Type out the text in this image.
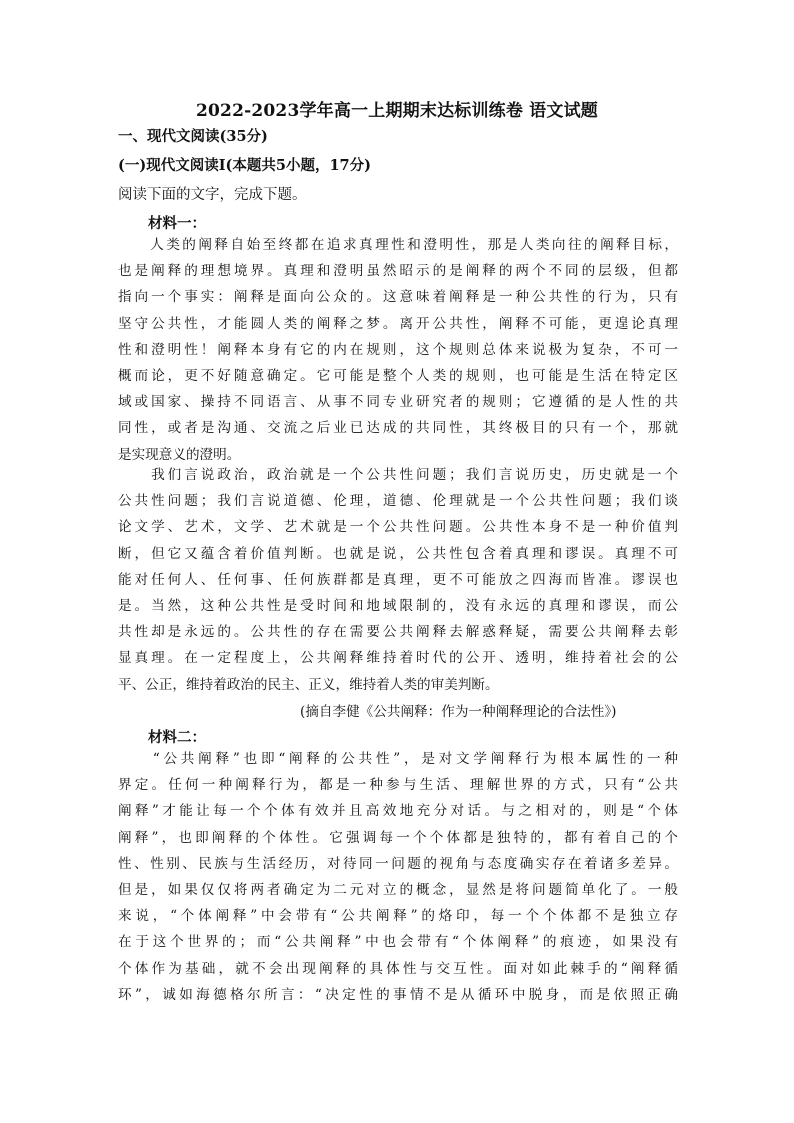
2022-2023学年高一上期期末达标训练卷 语文试题
一、现代文阅读(35分)
(一)现代文阅读Ⅰ(本题共5小题，17分)
阅读下面的文字，完成下题。
材料一：
　　人类的阐释自始至终都在追求真理性和澄明性，那是人类向往的阐释目标，
也是阐释的理想境界。真理和澄明虽然昭示的是阐释的两个不同的层级，但都
指向一个事实：阐释是面向公众的。这意味着阐释是一种公共性的行为，只有
坚守公共性，才能圆人类的阐释之梦。离开公共性，阐释不可能，更遑论真理
性和澄明性！阐释本身有它的内在规则，这个规则总体来说极为复杂，不可一
概而论，更不好随意确定。它可能是整个人类的规则，也可能是生活在特定区
域或国家、操持不同语言、从事不同专业研究者的规则；它遵循的是人性的共
同性，或者是沟通、交流之后业已达成的共同性，其终极目的只有一个，那就
是实现意义的澄明。
　　我们言说政治，政治就是一个公共性问题；我们言说历史，历史就是一个
公共性问题；我们言说道德、伦理，道德、伦理就是一个公共性问题；我们谈
论文学、艺术，文学、艺术就是一个公共性问题。公共性本身不是一种价值判
断，但它又蕴含着价值判断。也就是说，公共性包含着真理和谬误。真理不可
能对任何人、任何事、任何族群都是真理，更不可能放之四海而皆准。谬误也
是。当然，这种公共性是受时间和地域限制的，没有永远的真理和谬误，而公
共性却是永远的。公共性的存在需要公共阐释去解惑释疑，需要公共阐释去彰
显真理。在一定程度上，公共阐释维持着时代的公开、透明，维持着社会的公
平、公正，维持着政治的民主、正义，维持着人类的审美判断。
(摘自李健《公共阐释：作为一种阐释理论的合法性》)
材料二：
　　“公共阐释”也即“阐释的公共性”，是对文学阐释行为根本属性的一种
界定。任何一种阐释行为，都是一种参与生活、理解世界的方式，只有“公共
阐释”才能让每一个个体有效并且高效地充分对话。与之相对的，则是“个体
阐释”，也即阐释的个体性。它强调每一个个体都是独特的，都有着自己的个
性、性别、民族与生活经历，对待同一问题的视角与态度确实存在着诸多差异。
但是，如果仅仅将两者确定为二元对立的概念，显然是将问题简单化了。一般
来说，“个体阐释”中会带有“公共阐释”的烙印，每一个个体都不是独立存
在于这个世界的；而“公共阐释”中也会带有“个体阐释”的痕迹，如果没有
个体作为基础，就不会出现阐释的具体性与交互性。面对如此棘手的“阐释循
环”，诚如海德格尔所言：“决定性的事情不是从循环中脱身，而是依照正确
